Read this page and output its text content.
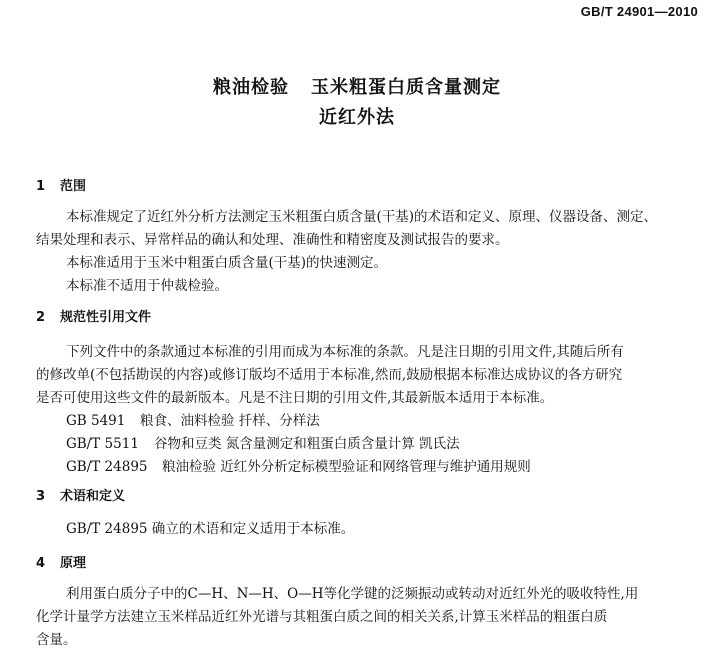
GB/T 24901—2010
粮油检验 玉米粗蛋白质含量测定
近红外法
1 范围
本标准规定了近红外分析方法测定玉米粗蛋白质含量(干基)的术语和定义、原理、仪器设备、测定、
结果处理和表示、异常样品的确认和处理、准确性和精密度及测试报告的要求。
本标准适用于玉米中粗蛋白质含量(干基)的快速测定。
本标准不适用于仲裁检验。
2 规范性引用文件
下列文件中的条款通过本标准的引用而成为本标准的条款。凡是注日期的引用文件,其随后所有
的修改单(不包括勘误的内容)或修订版均不适用于本标准,然而,鼓励根据本标准达成协议的各方研究
是否可使用这些文件的最新版本。凡是不注日期的引用文件,其最新版本适用于本标准。
GB 5491 粮食、油料检验 扦样、分样法
GB/T 5511 谷物和豆类 氮含量测定和粗蛋白质含量计算 凯氏法
GB/T 24895 粮油检验 近红外分析定标模型验证和网络管理与维护通用规则
3 术语和定义
GB/T 24895 确立的术语和定义适用于本标准。
4 原理
利用蛋白质分子中的C—H、N—H、O—H等化学键的泛频振动或转动对近红外光的吸收特性,用
化学计量学方法建立玉米样品近红外光谱与其粗蛋白质之间的相关关系,计算玉米样品的粗蛋白质
含量。
